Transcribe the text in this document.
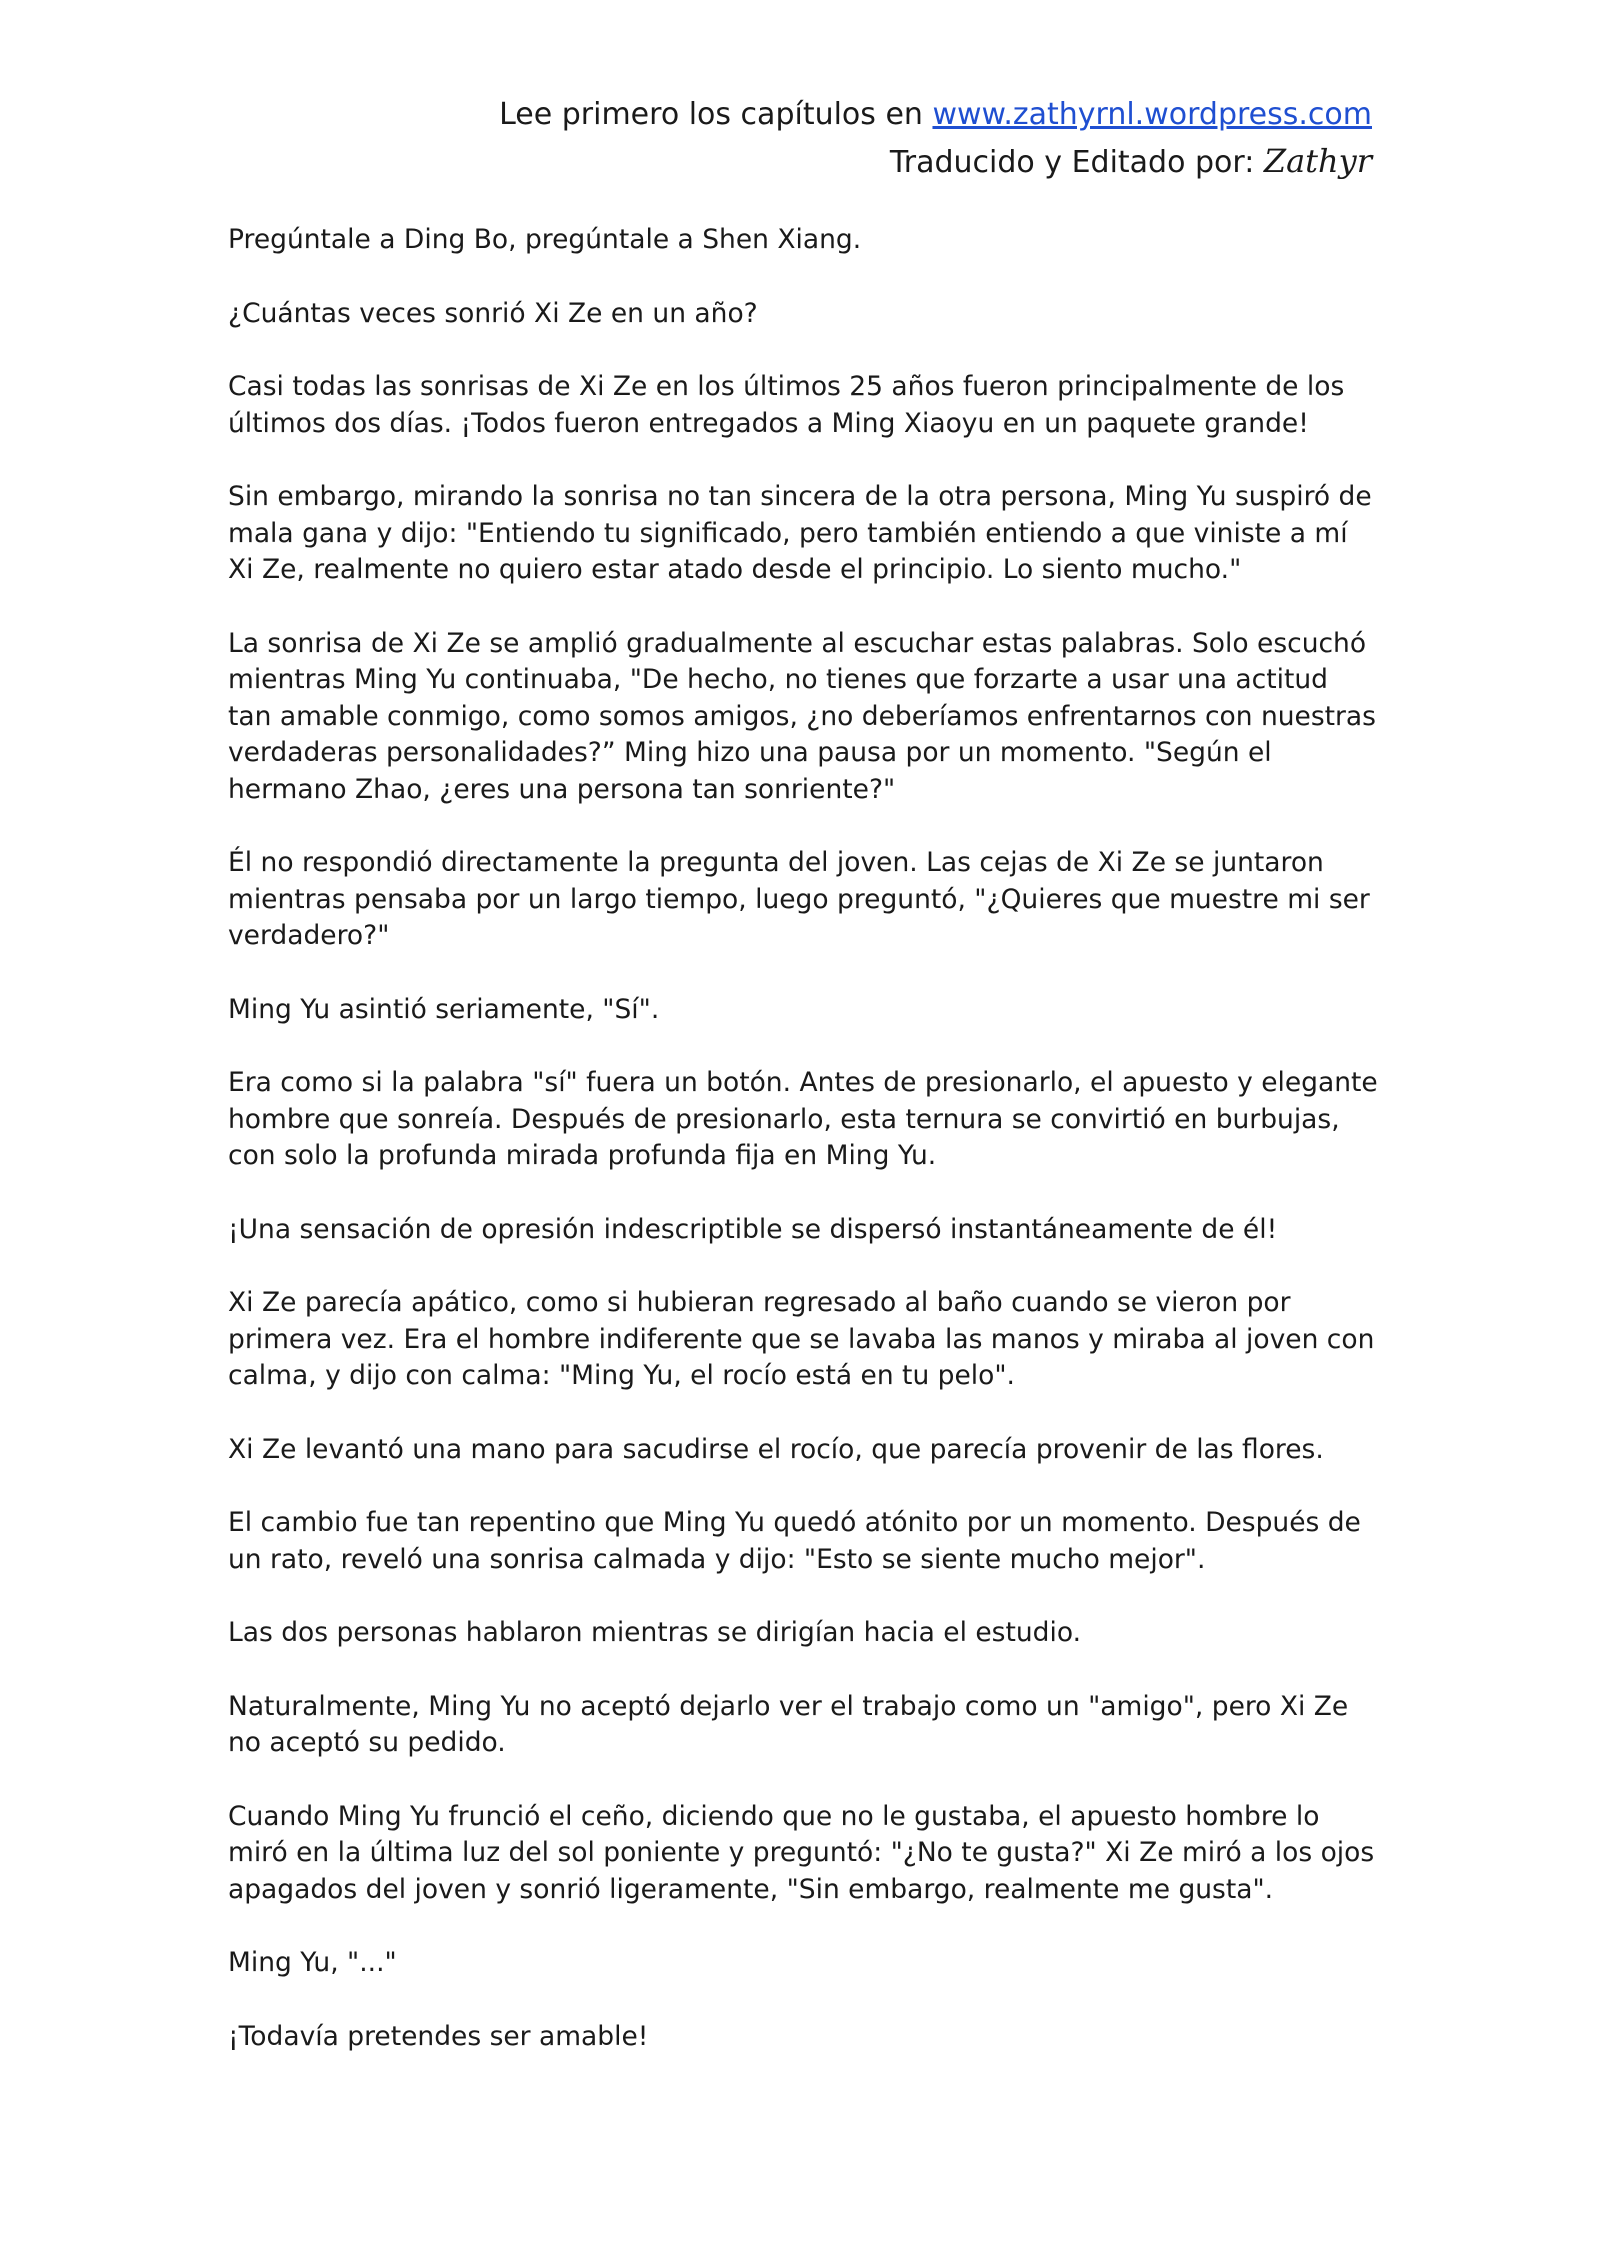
Lee primero los capítulos en www.zathyrnl.wordpress.com
Traducido y Editado por: Zathyr

Pregúntale a Ding Bo, pregúntale a Shen Xiang.

¿Cuántas veces sonrió Xi Ze en un año?

Casi todas las sonrisas de Xi Ze en los últimos 25 años fueron principalmente de los últimos dos días. ¡Todos fueron entregados a Ming Xiaoyu en un paquete grande!

Sin embargo, mirando la sonrisa no tan sincera de la otra persona, Ming Yu suspiró de mala gana y dijo: "Entiendo tu significado, pero también entiendo a que viniste a mí Xi Ze, realmente no quiero estar atado desde el principio. Lo siento mucho."

La sonrisa de Xi Ze se amplió gradualmente al escuchar estas palabras. Solo escuchó mientras Ming Yu continuaba, "De hecho, no tienes que forzarte a usar una actitud tan amable conmigo, como somos amigos, ¿no deberíamos enfrentarnos con nuestras verdaderas personalidades?” Ming hizo una pausa por un momento. "Según el hermano Zhao, ¿eres una persona tan sonriente?"

Él no respondió directamente la pregunta del joven. Las cejas de Xi Ze se juntaron mientras pensaba por un largo tiempo, luego preguntó, "¿Quieres que muestre mi ser verdadero?"

Ming Yu asintió seriamente, "Sí".

Era como si la palabra "sí" fuera un botón. Antes de presionarlo, el apuesto y elegante hombre que sonreía. Después de presionarlo, esta ternura se convirtió en burbujas, con solo la profunda mirada profunda fija en Ming Yu.

¡Una sensación de opresión indescriptible se dispersó instantáneamente de él!

Xi Ze parecía apático, como si hubieran regresado al baño cuando se vieron por primera vez. Era el hombre indiferente que se lavaba las manos y miraba al joven con calma, y dijo con calma: "Ming Yu, el rocío está en tu pelo".

Xi Ze levantó una mano para sacudirse el rocío, que parecía provenir de las flores.

El cambio fue tan repentino que Ming Yu quedó atónito por un momento. Después de un rato, reveló una sonrisa calmada y dijo: "Esto se siente mucho mejor".

Las dos personas hablaron mientras se dirigían hacia el estudio.

Naturalmente, Ming Yu no aceptó dejarlo ver el trabajo como un "amigo", pero Xi Ze no aceptó su pedido.

Cuando Ming Yu frunció el ceño, diciendo que no le gustaba, el apuesto hombre lo miró en la última luz del sol poniente y preguntó: "¿No te gusta?" Xi Ze miró a los ojos apagados del joven y sonrió ligeramente, "Sin embargo, realmente me gusta".

Ming Yu, "..."

¡Todavía pretendes ser amable!
